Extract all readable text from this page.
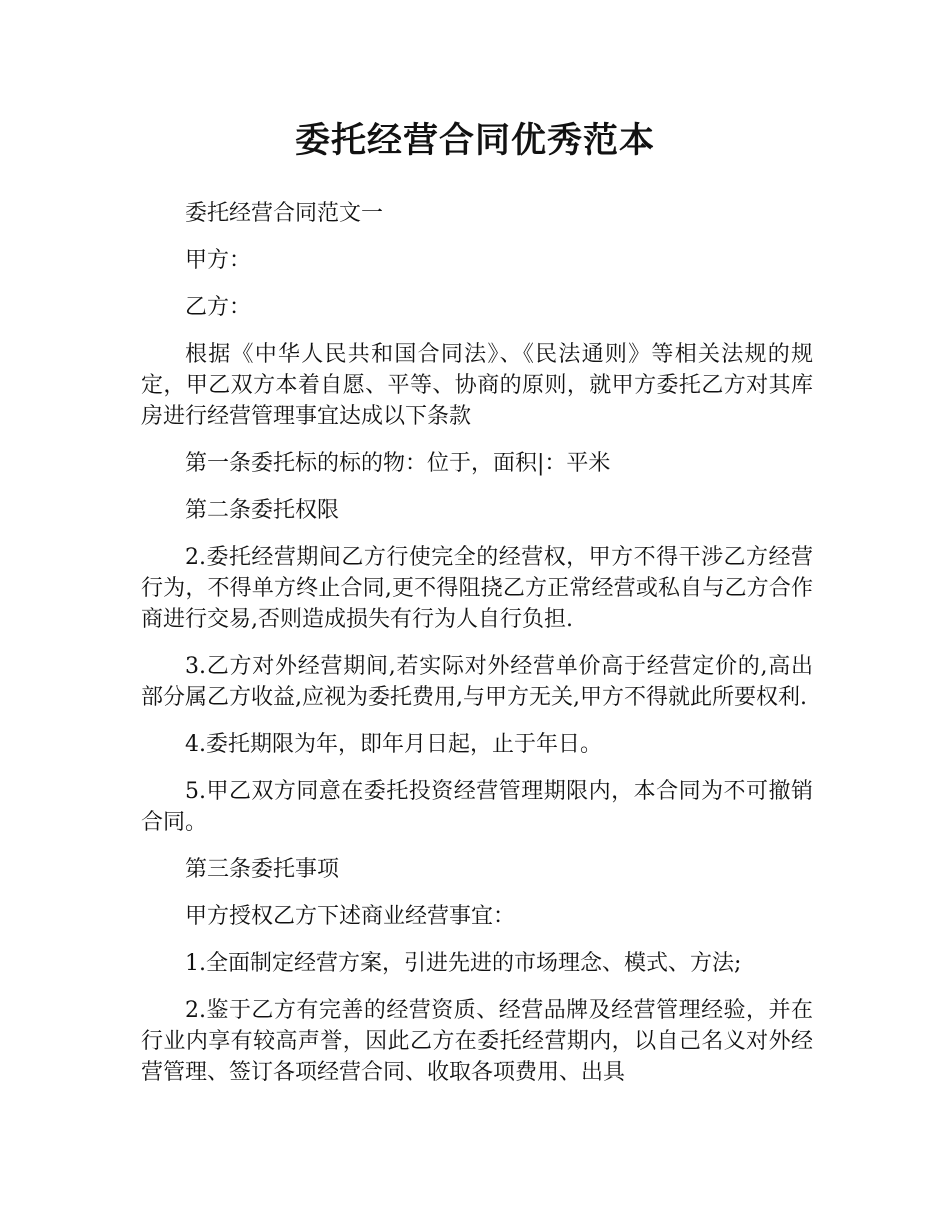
委托经营合同优秀范本

委托经营合同范文一

甲方：

乙方：

根据《中华人民共和国合同法》、《民法通则》等相关法规的规定，甲乙双方本着自愿、平等、协商的原则，就甲方委托乙方对其库房进行经营管理事宜达成以下条款

第一条委托标的标的物：位于，面积|：平米

第二条委托权限

2.委托经营期间乙方行使完全的经营权，甲方不得干涉乙方经营行为，不得单方终止合同,更不得阻挠乙方正常经营或私自与乙方合作商进行交易,否则造成损失有行为人自行负担.

3.乙方对外经营期间,若实际对外经营单价高于经营定价的,高出部分属乙方收益,应视为委托费用,与甲方无关,甲方不得就此所要权利.

4.委托期限为年，即年月日起，止于年日。

5.甲乙双方同意在委托投资经营管理期限内，本合同为不可撤销合同。

第三条委托事项

甲方授权乙方下述商业经营事宜：

1.全面制定经营方案，引进先进的市场理念、模式、方法;

2.鉴于乙方有完善的经营资质、经营品牌及经营管理经验，并在行业内享有较高声誉，因此乙方在委托经营期内，以自己名义对外经营管理、签订各项经营合同、收取各项费用、出具
